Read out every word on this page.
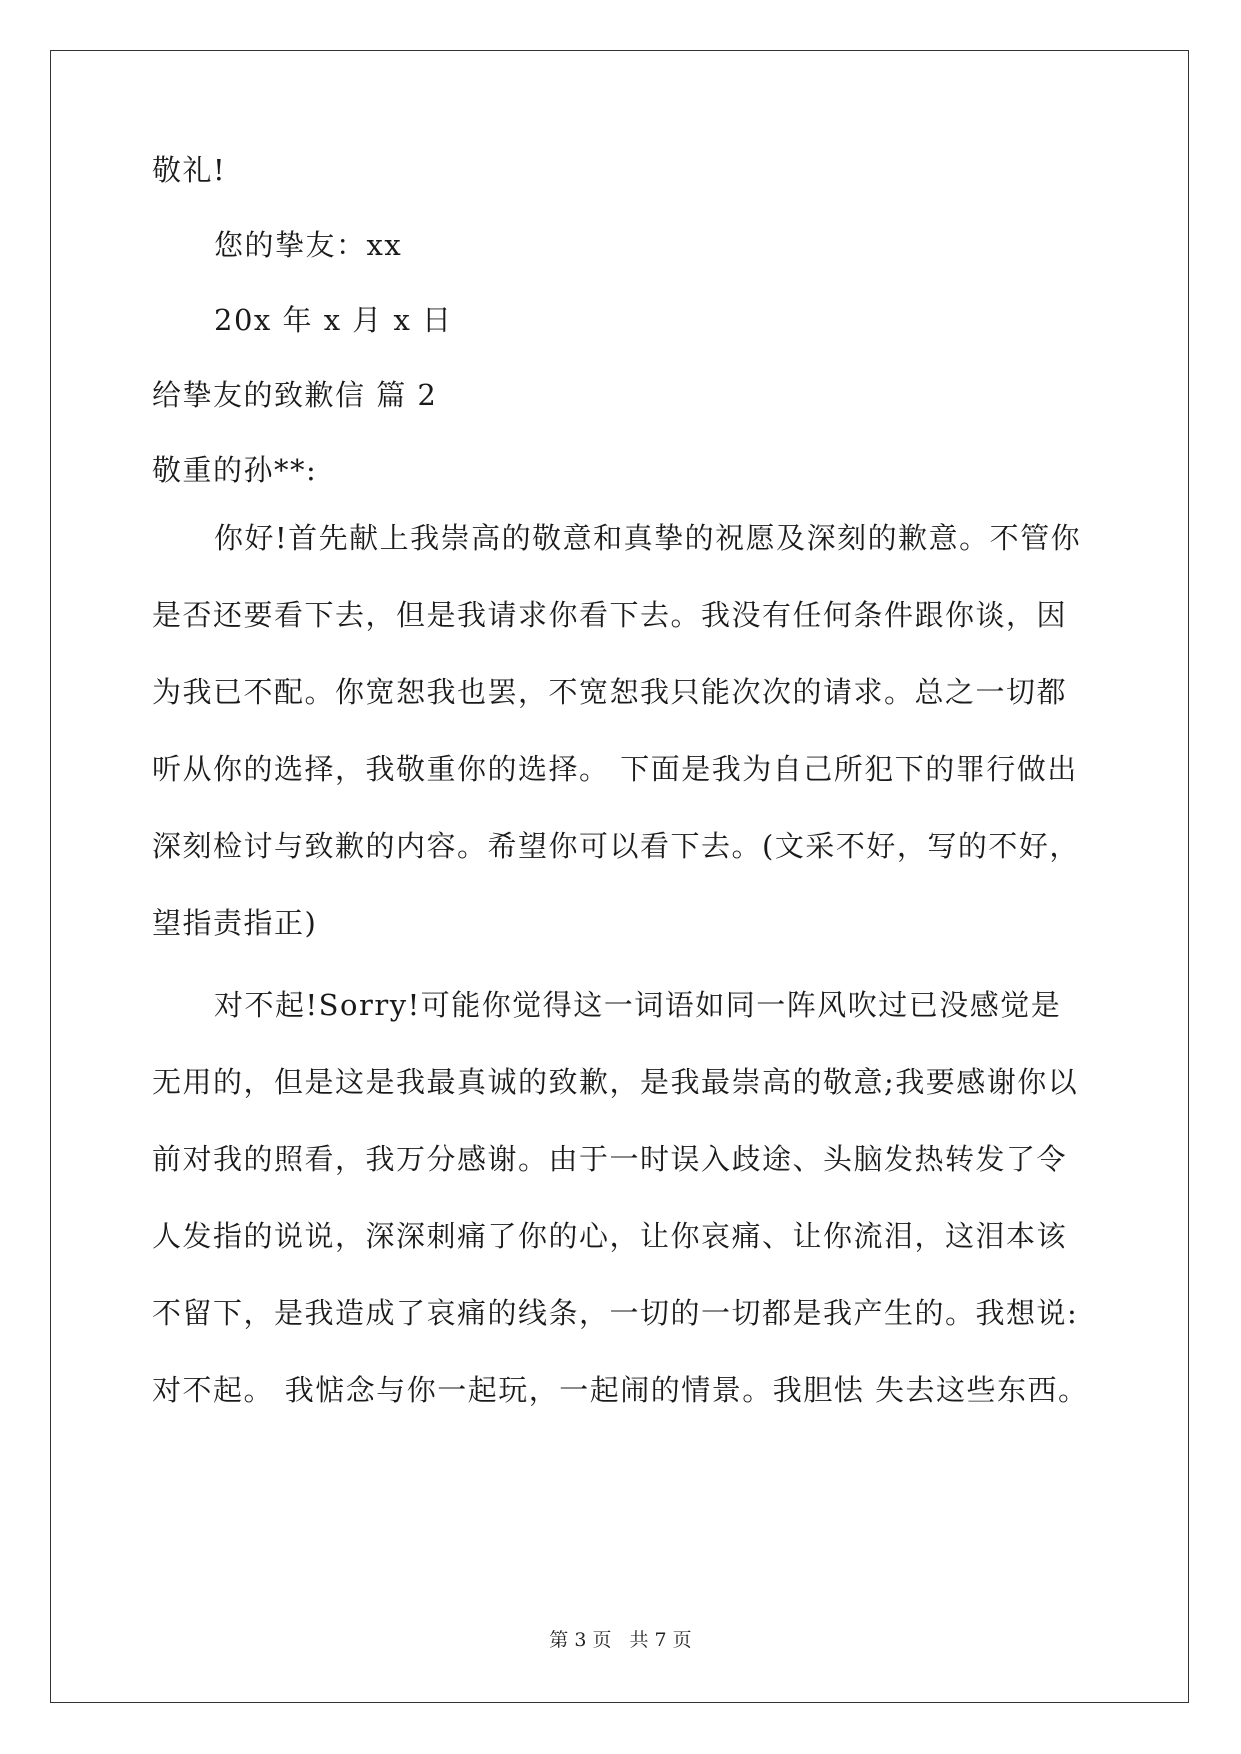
敬礼!
您的挚友：xx
20x 年 x 月 x 日
给挚友的致歉信 篇 2
敬重的孙**:
你好!首先献上我崇高的敬意和真挚的祝愿及深刻的歉意。不管你
是否还要看下去，但是我请求你看下去。我没有任何条件跟你谈，因
为我已不配。你宽恕我也罢，不宽恕我只能次次的请求。总之一切都
听从你的选择，我敬重你的选择。 下面是我为自己所犯下的罪行做出
深刻检讨与致歉的内容。希望你可以看下去。(文采不好，写的不好，
望指责指正)
对不起!Sorry!可能你觉得这一词语如同一阵风吹过已没感觉是
无用的，但是这是我最真诚的致歉，是我最崇高的敬意;我要感谢你以
前对我的照看，我万分感谢。由于一时误入歧途、头脑发热转发了令
人发指的说说，深深刺痛了你的心，让你哀痛、让你流泪，这泪本该
不留下，是我造成了哀痛的线条，一切的一切都是我产生的。我想说:
对不起。 我惦念与你一起玩，一起闹的情景。我胆怯 失去这些东西。
第 3 页 共 7 页
